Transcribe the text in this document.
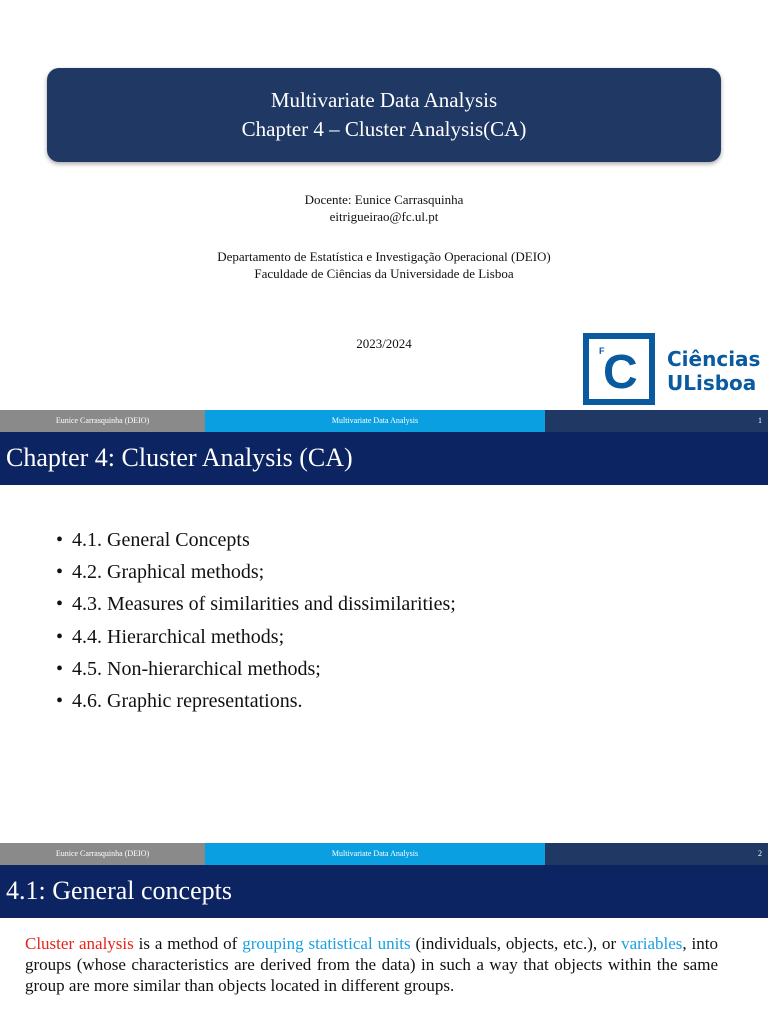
Multivariate Data Analysis
Chapter 4 – Cluster Analysis(CA)
Docente: Eunice Carrasquinha
eitrigueirao@fc.ul.pt
Departamento de Estatística e Investigação Operacional (DEIO)
Faculdade de Ciências da Universidade de Lisboa
2023/2024	F
C Ciências
ULisboa
Eunice Carrasquinha (DEIO)	Multivariate Data Analysis	1
Chapter 4: Cluster Analysis (CA)
• 4.1. General Concepts
• 4.2. Graphical methods;
• 4.3. Measures of similarities and dissimilarities;
• 4.4. Hierarchical methods;
• 4.5. Non-hierarchical methods;
• 4.6. Graphic representations.
Eunice Carrasquinha (DEIO)	Multivariate Data Analysis	2
4.1: General concepts
Cluster analysis is a method of grouping statistical units (individuals, objects, etc.), or variables, into groups (whose characteristics are derived from the data) in such a way that objects within the same group are more similar than objects located in different groups.
